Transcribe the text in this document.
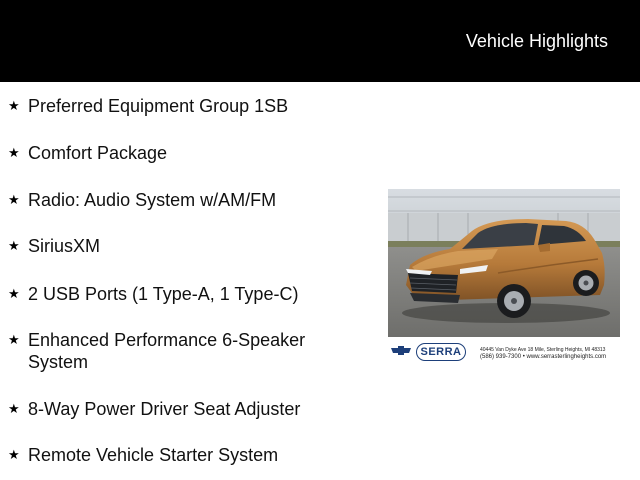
Vehicle Highlights
★ Preferred Equipment Group 1SB
★ Comfort Package
★ Radio: Audio System w/AM/FM
★ SiriusXM
★ 2 USB Ports (1 Type-A, 1 Type-C)
★ Enhanced Performance 6-Speaker System
★ 8-Way Power Driver Seat Adjuster
★ Remote Vehicle Starter System
SERRA	40445 Van Dyke Ave 18 Mile, Sterling Heights, MI 48313
(586) 939-7300 • www.serrasterlingheights.com
